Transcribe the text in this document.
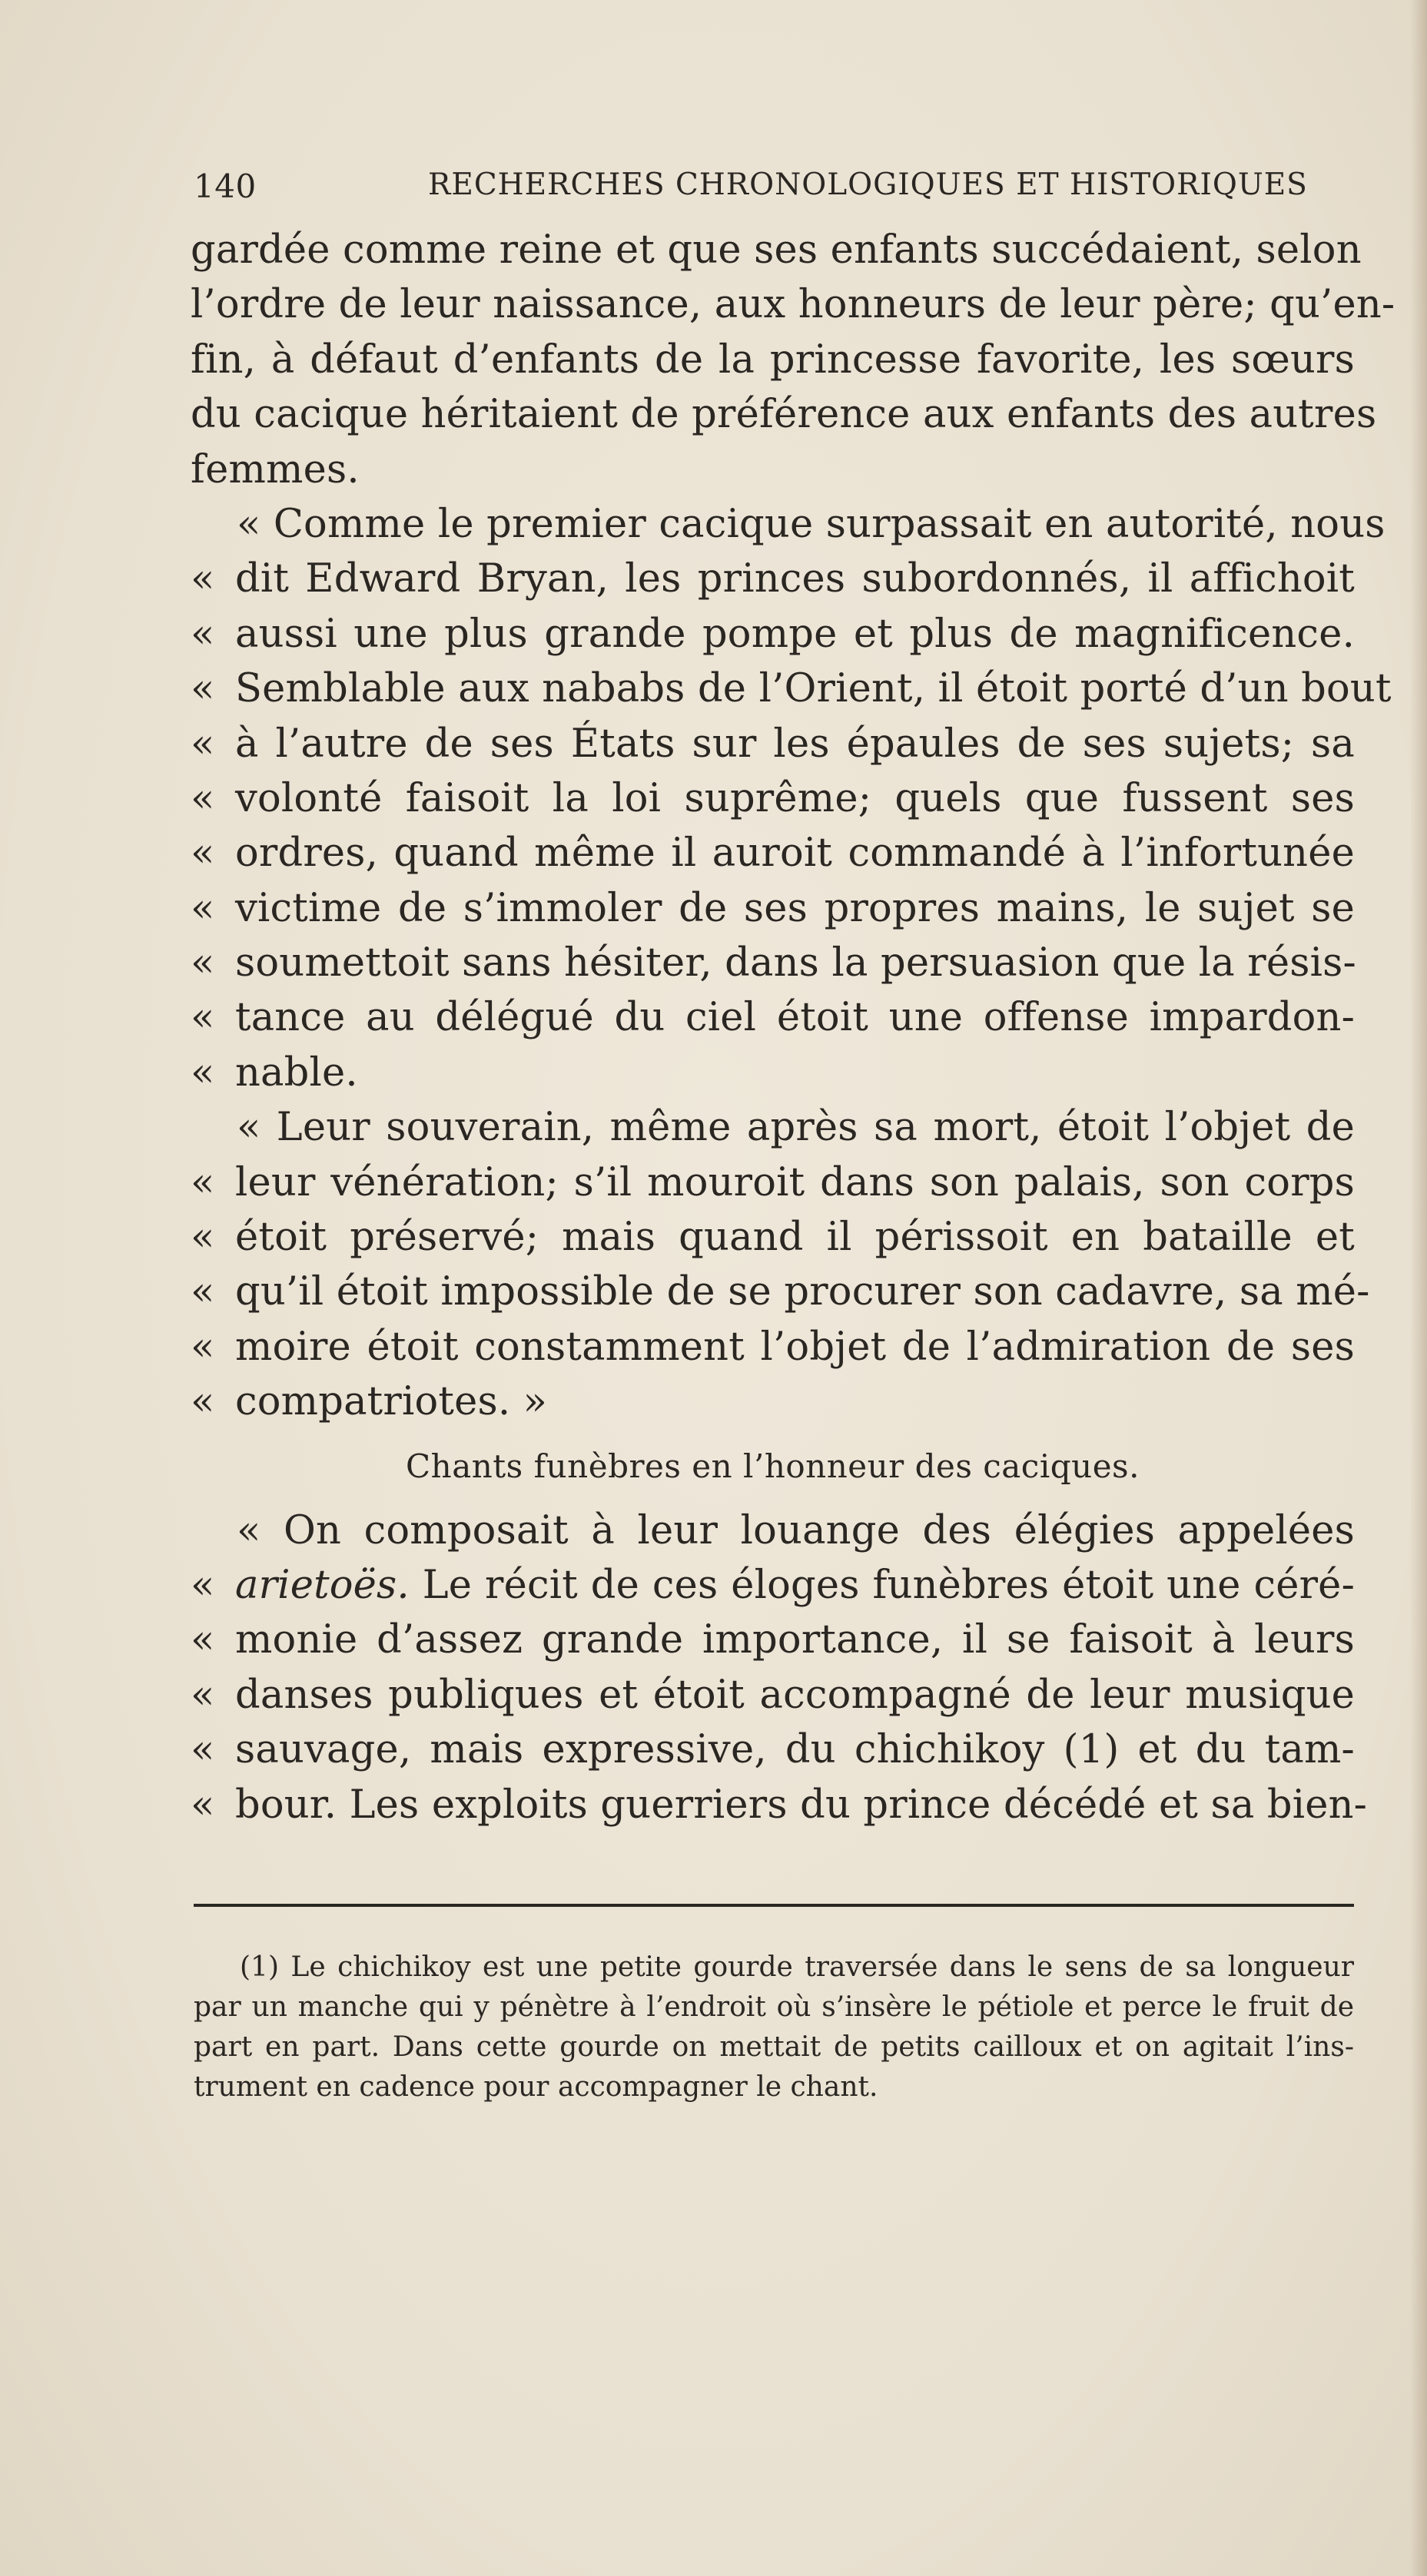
140	RECHERCHES CHRONOLOGIQUES ET HISTORIQUES
gardée comme reine et que ses enfants succédaient, selon
l’ordre de leur naissance, aux honneurs de leur père; qu’en-
fin, à défaut d’enfants de la princesse favorite, les sœurs
du cacique héritaient de préférence aux enfants des autres
femmes.
« Comme le premier cacique surpassait en autorité, nous
« dit Edward Bryan, les princes subordonnés, il affichoit
« aussi une plus grande pompe et plus de magnificence.
« Semblable aux nababs de l’Orient, il étoit porté d’un bout
« à l’autre de ses États sur les épaules de ses sujets; sa
« volonté faisoit la loi suprême; quels que fussent ses
« ordres, quand même il auroit commandé à l’infortunée
« victime de s’immoler de ses propres mains, le sujet se
« soumettoit sans hésiter, dans la persuasion que la résis-
« tance au délégué du ciel étoit une offense impardon-
« nable.
« Leur souverain, même après sa mort, étoit l’objet de
« leur vénération; s’il mouroit dans son palais, son corps
« étoit préservé; mais quand il périssoit en bataille et
« qu’il étoit impossible de se procurer son cadavre, sa mé-
« moire étoit constamment l’objet de l’admiration de ses
« compatriotes. »
Chants funèbres en l’honneur des caciques.
« On composait à leur louange des élégies appelées
« arietoës. Le récit de ces éloges funèbres étoit une céré-
« monie d’assez grande importance, il se faisoit à leurs
« danses publiques et étoit accompagné de leur musique
« sauvage, mais expressive, du chichikoy (1) et du tam-
« bour. Les exploits guerriers du prince décédé et sa bien-
(1) Le chichikoy est une petite gourde traversée dans le sens de sa longueur
par un manche qui y pénètre à l’endroit où s’insère le pétiole et perce le fruit de
part en part. Dans cette gourde on mettait de petits cailloux et on agitait l’ins-
trument en cadence pour accompagner le chant.
